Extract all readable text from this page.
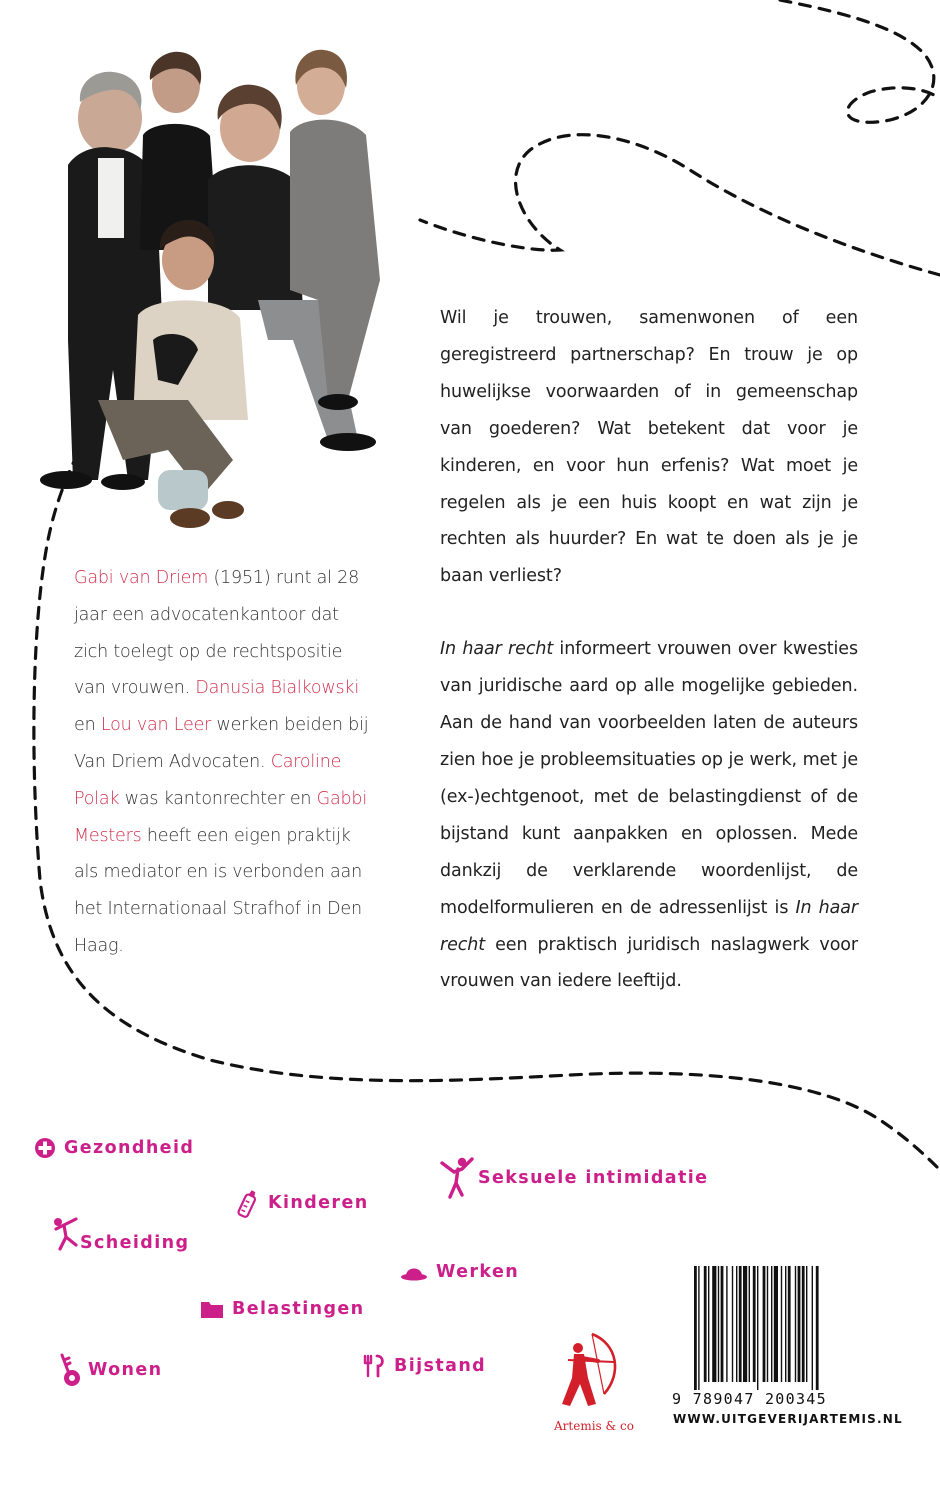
Gabi van Driem (1951) runt al 28 jaar een advocatenkantoor dat zich toelegt op de rechtspositie van vrouwen. Danusia Bialkowski en Lou van Leer werken beiden bij Van Driem Advocaten. Caroline Polak was kantonrechter en Gabbi Mesters heeft een eigen praktijk als mediator en is verbonden aan het Internationaal Strafhof in Den Haag.

Wil je trouwen, samenwonen of een geregistreerd partnerschap? En trouw je op huwelijkse voorwaarden of in gemeenschap van goederen? Wat betekent dat voor je kinderen, en voor hun erfenis? Wat moet je regelen als je een huis koopt en wat zijn je rechten als huurder? En wat te doen als je je baan verliest?

In haar recht informeert vrouwen over kwesties van juridische aard op alle mogelijke gebieden. Aan de hand van voorbeelden laten de auteurs zien hoe je probleemsituaties op je werk, met je (ex-)echtgenoot, met de belastingdienst of de bijstand kunt aanpakken en oplossen. Mede dankzij de verklarende woordenlijst, de modelformulieren en de adressenlijst is In haar recht een praktisch juridisch naslagwerk voor vrouwen van iedere leeftijd.

Gezondheid
Kinderen
Seksuele intimidatie
Scheiding
Werken
Belastingen
Wonen	Bijstand
Artemis & co
9 789047 200345
WWW.UITGEVERIJARTEMIS.NL
